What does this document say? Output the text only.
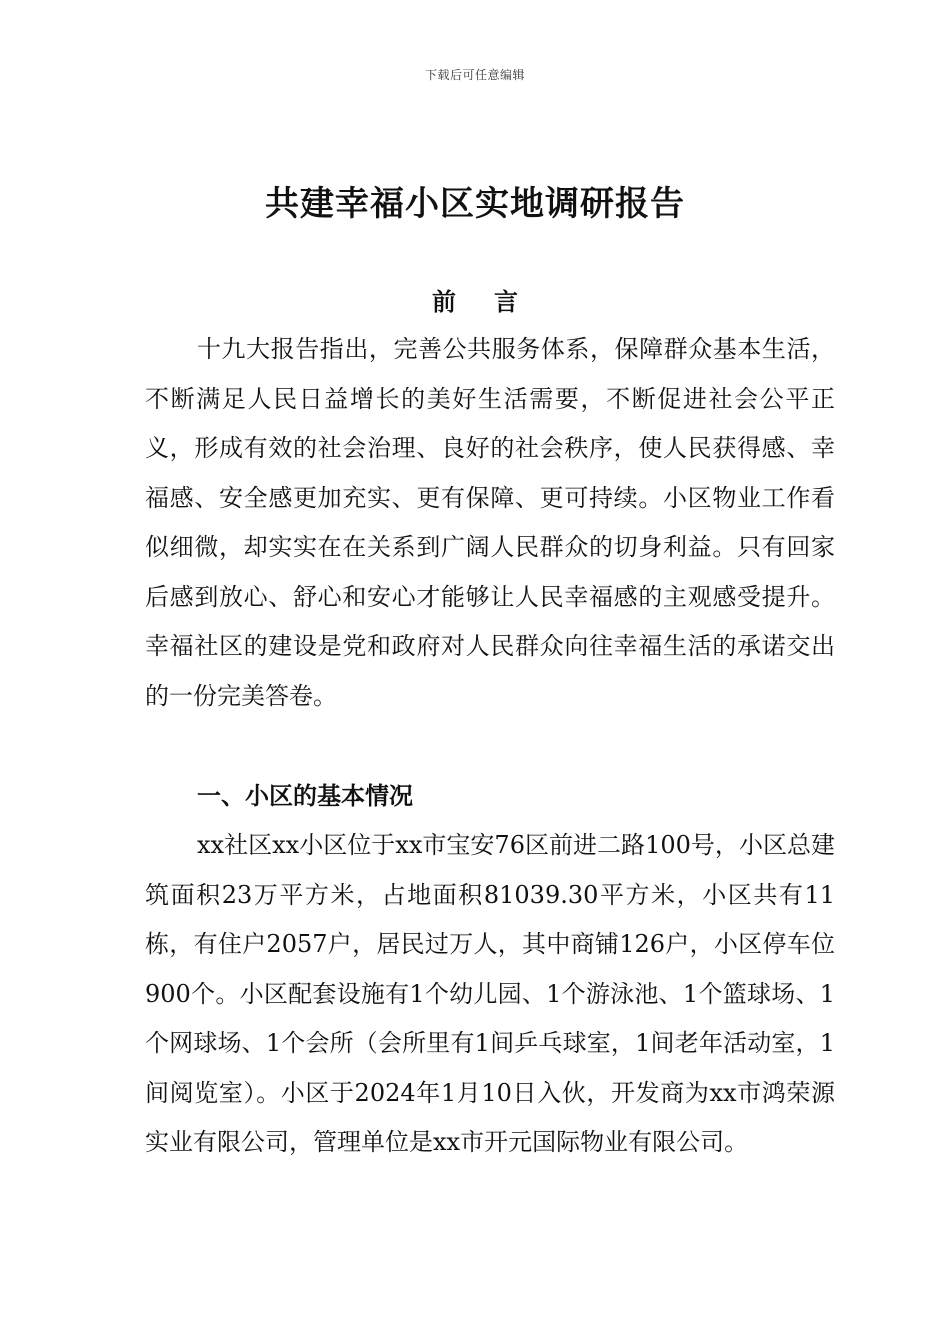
下载后可任意编辑
共建幸福小区实地调研报告
前言

十九大报告指出，完善公共服务体系，保障群众基本生活，不断满足人民日益增长的美好生活需要，不断促进社会公平正义，形成有效的社会治理、良好的社会秩序，使人民获得感、幸福感、安全感更加充实、更有保障、更可持续。小区物业工作看似细微，却实实在在关系到广阔人民群众的切身利益。只有回家后感到放心、舒心和安心才能够让人民幸福感的主观感受提升。幸福社区的建设是党和政府对人民群众向往幸福生活的承诺交出的一份完美答卷。

一、小区的基本情况

xx社区xx小区位于xx市宝安76区前进二路100号，小区总建筑面积23万平方米，占地面积81039.30平方米，小区共有11栋，有住户2057户，居民过万人，其中商铺126户，小区停车位900个。小区配套设施有1个幼儿园、1个游泳池、1个篮球场、1个网球场、1个会所（会所里有1间乒乓球室，1间老年活动室，1间阅览室）。小区于2024年1月10日入伙，开发商为xx市鸿荣源实业有限公司，管理单位是xx市开元国际物业有限公司。
